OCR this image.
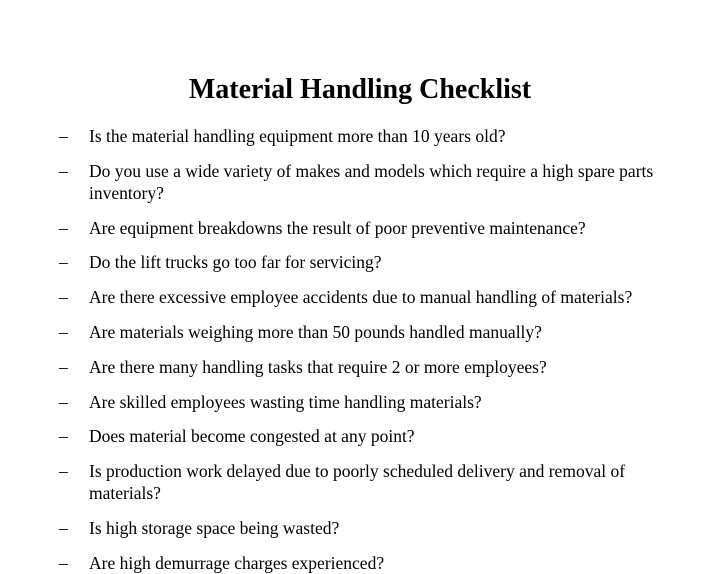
Material Handling Checklist
–	Is the material handling equipment more than 10 years old?
–	Do you use a wide variety of makes and models which require a high spare parts inventory?
–	Are equipment breakdowns the result of poor preventive maintenance?
–	Do the lift trucks go too far for servicing?
–	Are there excessive employee accidents due to manual handling of materials?
–	Are materials weighing more than 50 pounds handled manually?
–	Are there many handling tasks that require 2 or more employees?
–	Are skilled employees wasting time handling materials?
–	Does material become congested at any point?
–	Is production work delayed due to poorly scheduled delivery and removal of materials?
–	Is high storage space being wasted?
–	Are high demurrage charges experienced?
